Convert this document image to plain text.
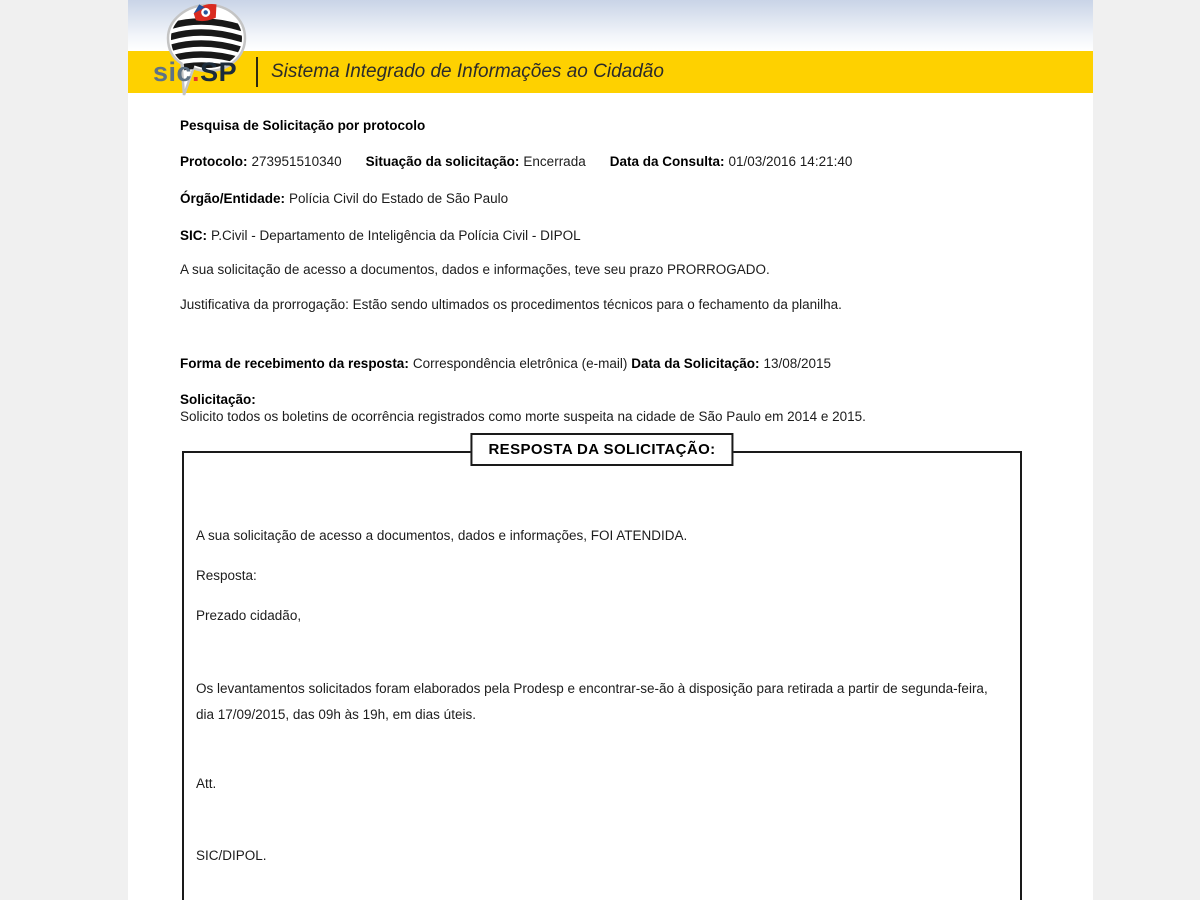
Sistema Integrado de Informações ao Cidadão
sic.SP

Pesquisa de Solicitação por protocolo

Protocolo: 273951510340 Situação da solicitação: Encerrada Data da Consulta: 01/03/2016 14:21:40

Órgão/Entidade: Polícia Civil do Estado de São Paulo

SIC: P.Civil - Departamento de Inteligência da Polícia Civil - DIPOL

A sua solicitação de acesso a documentos, dados e informações, teve seu prazo PRORROGADO.

Justificativa da prorrogação: Estão sendo ultimados os procedimentos técnicos para o fechamento da planilha.

Forma de recebimento da resposta: Correspondência eletrônica (e-mail) Data da Solicitação: 13/08/2015

Solicitação:

Solicito todos os boletins de ocorrência registrados como morte suspeita na cidade de São Paulo em 2014 e 2015.

RESPOSTA DA SOLICITAÇÃO:

A sua solicitação de acesso a documentos, dados e informações, FOI ATENDIDA.

Resposta:

Prezado cidadão,

Os levantamentos solicitados foram elaborados pela Prodesp e encontrar-se-ão à disposição para retirada a partir de segunda-feira, dia 17/09/2015, das 09h às 19h, em dias úteis.

Att.

SIC/DIPOL.
